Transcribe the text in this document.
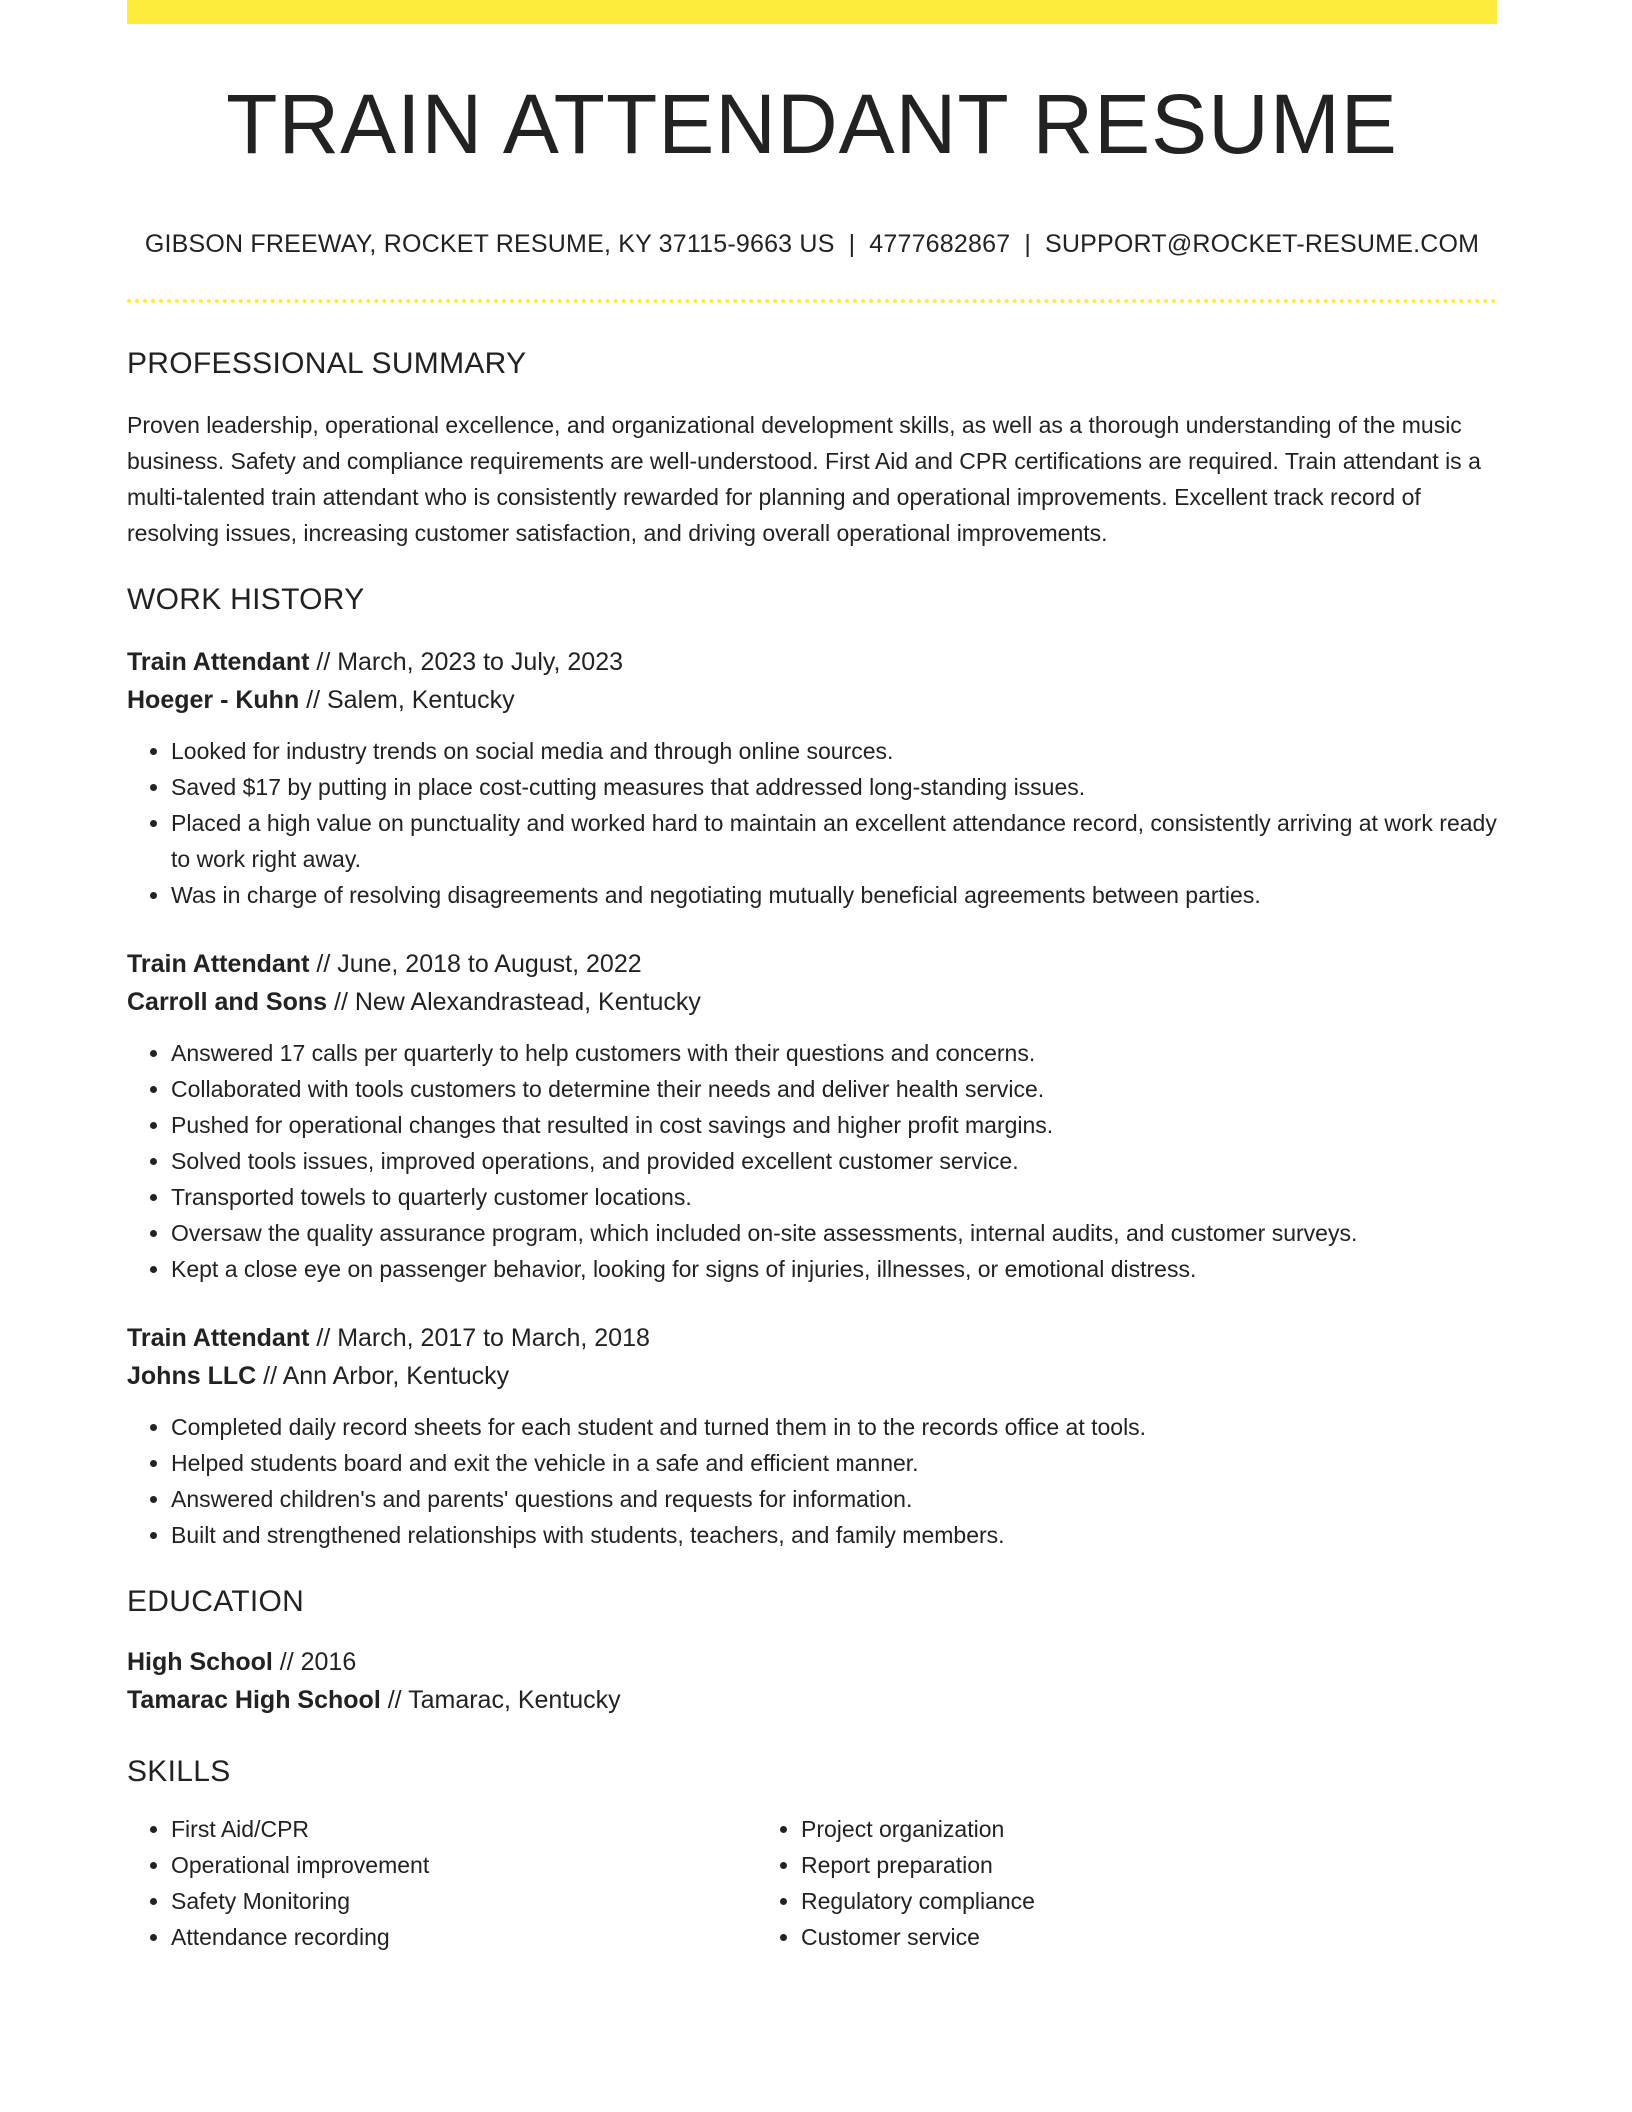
TRAIN ATTENDANT RESUME
GIBSON FREEWAY, ROCKET RESUME, KY 37115-9663 US | 4777682867 | SUPPORT@ROCKET-RESUME.COM
PROFESSIONAL SUMMARY

Proven leadership, operational excellence, and organizational development skills, as well as a thorough understanding of the music business. Safety and compliance requirements are well-understood. First Aid and CPR certifications are required. Train attendant is a multi-talented train attendant who is consistently rewarded for planning and operational improvements. Excellent track record of resolving issues, increasing customer satisfaction, and driving overall operational improvements.

WORK HISTORY
Train Attendant // March, 2023 to July, 2023
Hoeger - Kuhn // Salem, Kentucky
• Looked for industry trends on social media and through online sources.
• Saved $17 by putting in place cost-cutting measures that addressed long-standing issues.
• Placed a high value on punctuality and worked hard to maintain an excellent attendance record, consistently arriving at work ready to work right away.
• Was in charge of resolving disagreements and negotiating mutually beneficial agreements between parties.
Train Attendant // June, 2018 to August, 2022
Carroll and Sons // New Alexandrastead, Kentucky
• Answered 17 calls per quarterly to help customers with their questions and concerns.
• Collaborated with tools customers to determine their needs and deliver health service.
• Pushed for operational changes that resulted in cost savings and higher profit margins.
• Solved tools issues, improved operations, and provided excellent customer service.
• Transported towels to quarterly customer locations.
• Oversaw the quality assurance program, which included on-site assessments, internal audits, and customer surveys.
• Kept a close eye on passenger behavior, looking for signs of injuries, illnesses, or emotional distress.
Train Attendant // March, 2017 to March, 2018
Johns LLC // Ann Arbor, Kentucky
• Completed daily record sheets for each student and turned them in to the records office at tools.
• Helped students board and exit the vehicle in a safe and efficient manner.
• Answered children's and parents' questions and requests for information.
• Built and strengthened relationships with students, teachers, and family members.
EDUCATION
High School // 2016
Tamarac High School // Tamarac, Kentucky
SKILLS
• First Aid/CPR
• Operational improvement
• Safety Monitoring
• Attendance recording
• Project organization
• Report preparation
• Regulatory compliance
• Customer service
